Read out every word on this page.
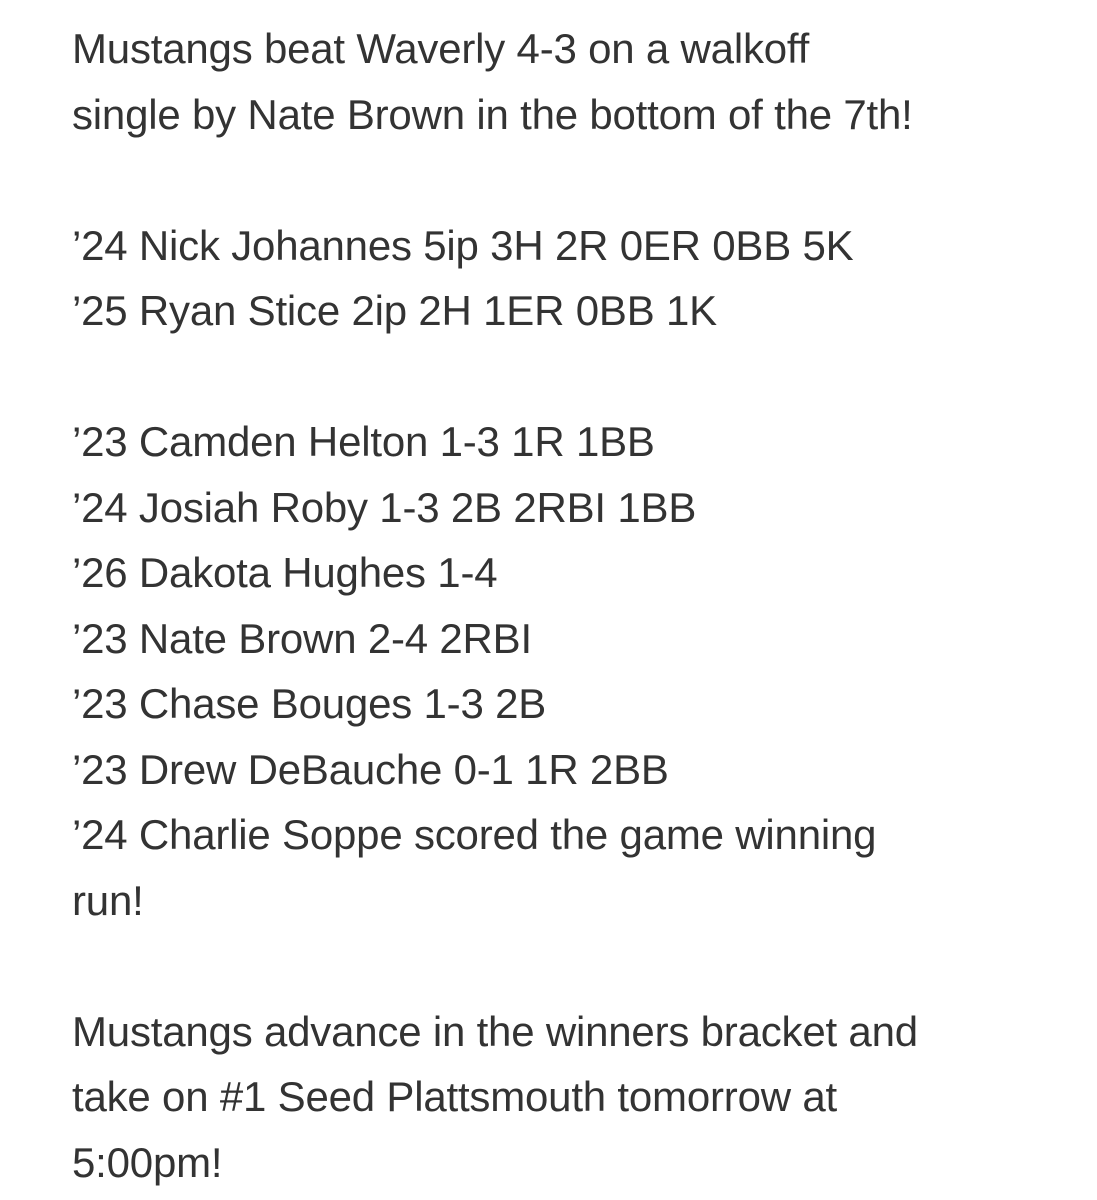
Mustangs beat Waverly 4-3 on a walkoff
single by Nate Brown in the bottom of the 7th!
’24 Nick Johannes 5ip 3H 2R 0ER 0BB 5K
’25 Ryan Stice 2ip 2H 1ER 0BB 1K
’23 Camden Helton 1-3 1R 1BB
’24 Josiah Roby 1-3 2B 2RBI 1BB
’26 Dakota Hughes 1-4
’23 Nate Brown 2-4 2RBI
’23 Chase Bouges 1-3 2B
’23 Drew DeBauche 0-1 1R 2BB
’24 Charlie Soppe scored the game winning
run!
Mustangs advance in the winners bracket and
take on #1 Seed Plattsmouth tomorrow at
5:00pm!
